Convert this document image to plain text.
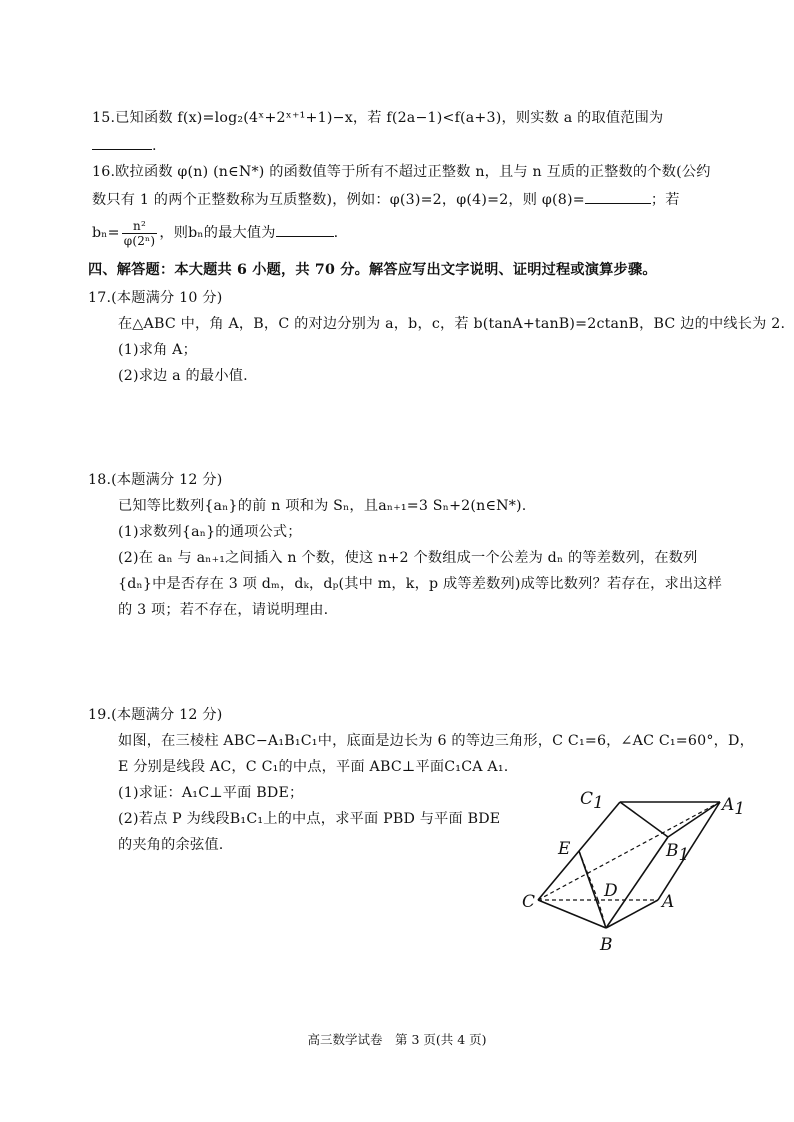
15.已知函数 f(x)=log₂(4ˣ+2ˣ⁺¹+1)−x，若 f(2a−1)<f(a+3)，则实数 a 的取值范围为
.
16.欧拉函数 φ(n) (n∈N*) 的函数值等于所有不超过正整数 n，且与 n 互质的正整数的个数(公约
数只有 1 的两个正整数称为互质整数)，例如：φ(3)=2，φ(4)=2，则 φ(8)=	；若
$b_n= \frac{\text{n²}}{\text{φ(2ⁿ)}}$ ，则bₙ的最大值为	.
四、解答题：本大题共 6 小题，共 70 分。解答应写出文字说明、证明过程或演算步骤。
17.(本题满分 10 分)
在△ABC 中，角 A，B，C 的对边分别为 a，b，c，若 b(tanA+tanB)=2ctanB，BC 边的中线长为 2.
(1)求角 A；
(2)求边 a 的最小值.
18.(本题满分 12 分)
已知等比数列{aₙ}的前 n 项和为 Sₙ，且aₙ₊₁=3 Sₙ+2(n∈N*).
(1)求数列{aₙ}的通项公式；
(2)在 aₙ 与 aₙ₊₁之间插入 n 个数，使这 n+2 个数组成一个公差为 dₙ 的等差数列，在数列
{dₙ}中是否存在 3 项 dₘ，dₖ，dₚ(其中 m，k，p 成等差数列)成等比数列？若存在，求出这样
的 3 项；若不存在，请说明理由.
19.(本题满分 12 分)
如图，在三棱柱 ABC−A₁B₁C₁中，底面是边长为 6 的等边三角形，C C₁=6，∠AC C₁=60°，D，
E 分别是线段 AC，C C₁的中点，平面 ABC⊥平面C₁CA A₁.
(1)求证：A₁C⊥平面 BDE；
(2)若点 P 为线段B₁C₁上的中点，求平面 PBD 与平面 BDE
的夹角的余弦值.
C1	A1
B1
E
D
C	A
B
高三数学试卷　第 3 页(共 4 页)
